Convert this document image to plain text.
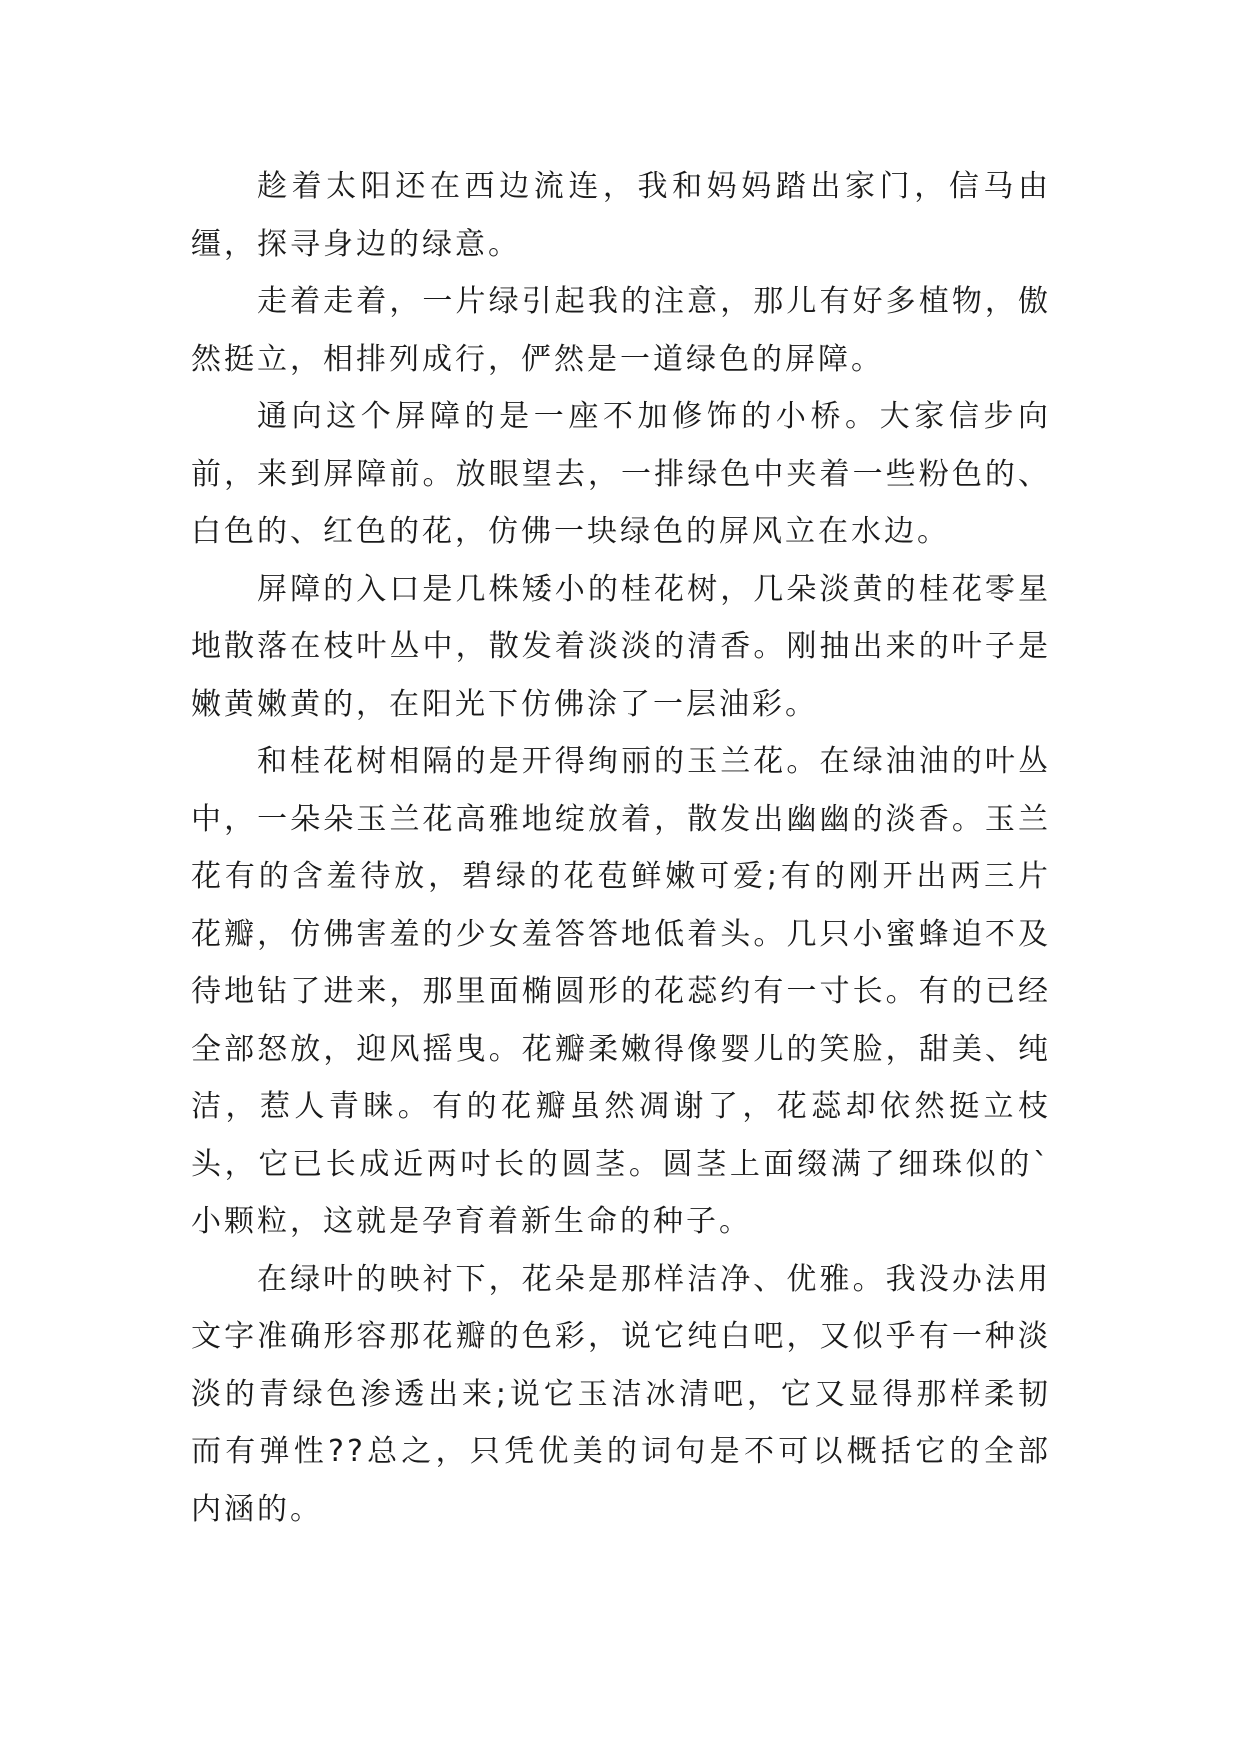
趁着太阳还在西边流连，我和妈妈踏出家门，信马由缰，探寻身边的绿意。

走着走着，一片绿引起我的注意，那儿有好多植物，傲然挺立，相排列成行，俨然是一道绿色的屏障。

通向这个屏障的是一座不加修饰的小桥。大家信步向前，来到屏障前。放眼望去，一排绿色中夹着一些粉色的、白色的、红色的花，仿佛一块绿色的屏风立在水边。

屏障的入口是几株矮小的桂花树，几朵淡黄的桂花零星地散落在枝叶丛中，散发着淡淡的清香。刚抽出来的叶子是嫩黄嫩黄的，在阳光下仿佛涂了一层油彩。

和桂花树相隔的是开得绚丽的玉兰花。在绿油油的叶丛中，一朵朵玉兰花高雅地绽放着，散发出幽幽的淡香。玉兰花有的含羞待放，碧绿的花苞鲜嫩可爱;有的刚开出两三片花瓣，仿佛害羞的少女羞答答地低着头。几只小蜜蜂迫不及待地钻了进来，那里面椭圆形的花蕊约有一寸长。有的已经全部怒放，迎风摇曳。花瓣柔嫩得像婴儿的笑脸，甜美、纯洁，惹人青睐。有的花瓣虽然凋谢了，花蕊却依然挺立枝头，它已长成近两吋长的圆茎。圆茎上面缀满了细珠似的`小颗粒，这就是孕育着新生命的种子。

在绿叶的映衬下，花朵是那样洁净、优雅。我没办法用文字准确形容那花瓣的色彩，说它纯白吧，又似乎有一种淡淡的青绿色渗透出来;说它玉洁冰清吧，它又显得那样柔韧而有弹性??总之，只凭优美的词句是不可以概括它的全部内涵的。
